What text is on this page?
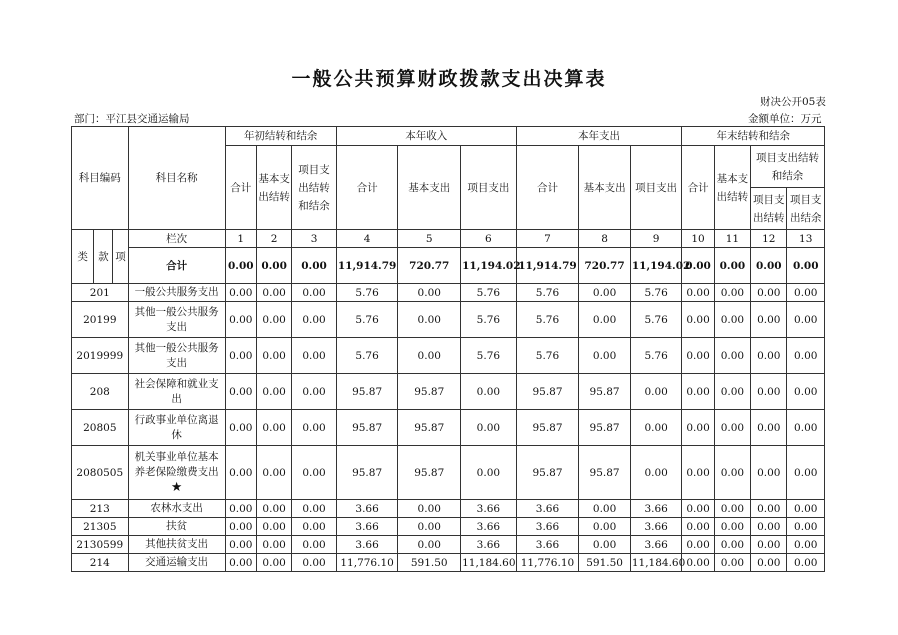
一般公共预算财政拨款支出决算表
财决公开05表
部门：平江县交通运输局	金额单位：万元
科目编码			科目名称	年初结转和结余			本年收入			本年支出			年末结转和结余			
				合计	基本支出结转	项目支出结转和结余	合计	基本支出	项目支出	合计	基本支出	项目支出	合计	基本支出结转	项目支出结转和结余	
															项目支出结转	项目支出结余
类	款	项	栏次	1	2	3	4	5	6	7	8	9	10	11	12	13
			合计	0.00	0.00	0.00	11,914.79	720.77	11,194.02	11,914.79	720.77	11,194.02	0.00	0.00	0.00	0.00
201			一般公共服务支出	0.00	0.00	0.00	5.76	0.00	5.76	5.76	0.00	5.76	0.00	0.00	0.00	0.00
20199			其他一般公共服务支出	0.00	0.00	0.00	5.76	0.00	5.76	5.76	0.00	5.76	0.00	0.00	0.00	0.00
2019999			其他一般公共服务支出	0.00	0.00	0.00	5.76	0.00	5.76	5.76	0.00	5.76	0.00	0.00	0.00	0.00
208			社会保障和就业支出	0.00	0.00	0.00	95.87	95.87	0.00	95.87	95.87	0.00	0.00	0.00	0.00	0.00
20805			行政事业单位离退休	0.00	0.00	0.00	95.87	95.87	0.00	95.87	95.87	0.00	0.00	0.00	0.00	0.00
2080505			机关事业单位基本养老保险缴费支出★	0.00	0.00	0.00	95.87	95.87	0.00	95.87	95.87	0.00	0.00	0.00	0.00	0.00
213			农林水支出	0.00	0.00	0.00	3.66	0.00	3.66	3.66	0.00	3.66	0.00	0.00	0.00	0.00
21305			扶贫	0.00	0.00	0.00	3.66	0.00	3.66	3.66	0.00	3.66	0.00	0.00	0.00	0.00
2130599			其他扶贫支出	0.00	0.00	0.00	3.66	0.00	3.66	3.66	0.00	3.66	0.00	0.00	0.00	0.00
214			交通运输支出	0.00	0.00	0.00	11,776.10	591.50	11,184.60	11,776.10	591.50	11,184.60	0.00	0.00	0.00	0.00
